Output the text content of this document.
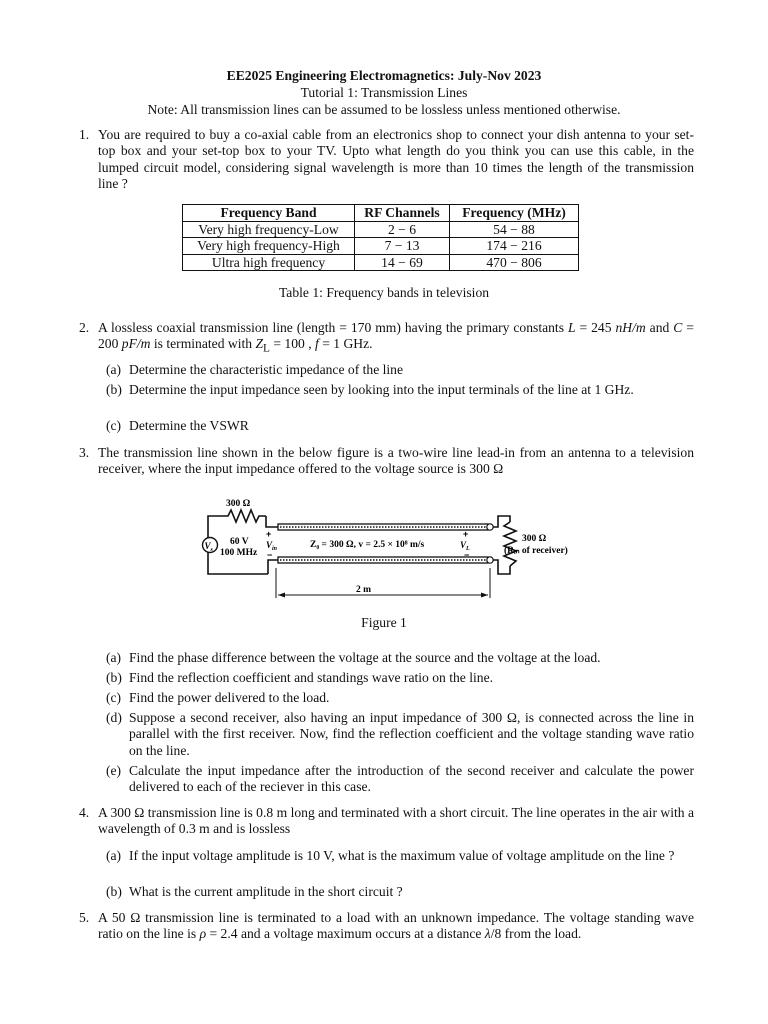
EE2025 Engineering Electromagnetics: July-Nov 2023
Tutorial 1: Transmission Lines
Note: All transmission lines can be assumed to be lossless unless mentioned otherwise.
1. You are required to buy a co-axial cable from an electronics shop to connect your dish antenna to your set-top box and your set-top box to your TV. Upto what length do you think you can use this cable, in the lumped circuit model, considering signal wavelength is more than 10 times the length of the transmission line ?
Frequency Band	RF Channels	Frequency (MHz)
Very high frequency-Low	2 − 6	54 − 88
Very high frequency-High	7 − 13	174 − 216
Ultra high frequency	14 − 69	470 − 806
Table 1: Frequency bands in television
2. A lossless coaxial transmission line (length = 170 mm) having the primary constants L = 245 nH/m and C = 200 pF/m is terminated with $Z_L = 100$ , f = 1 GHz.
(a) Determine the characteristic impedance of the line
(b) Determine the input impedance seen by looking into the input terminals of the line at 1 GHz.
(c) Determine the VSWR
3. The transmission line shown in the below figure is a two-wire line lead-in from an antenna to a television receiver, where the input impedance offered to the voltage source is 300 Ω
300 Ω
$V_s$
60 V
100 MHz
+
$V_{in}$
−
Z₀ = 300 Ω, v = 2.5 × 10⁸ m/s
+
$V_L$
−
300 Ω
(Rᵢₙ of receiver)
2 m
Figure 1
(a) Find the phase difference between the voltage at the source and the voltage at the load.
(b) Find the reflection coefficient and standings wave ratio on the line.
(c) Find the power delivered to the load.
(d) Suppose a second receiver, also having an input impedance of 300 Ω, is connected across the line in parallel with the first receiver. Now, find the reflection coefficient and the voltage standing wave ratio on the line.
(e) Calculate the input impedance after the introduction of the second receiver and calculate the power delivered to each of the reciever in this case.
4. A 300 Ω transmission line is 0.8 m long and terminated with a short circuit. The line operates in the air with a wavelength of 0.3 m and is lossless
(a) If the input voltage amplitude is 10 V, what is the maximum value of voltage amplitude on the line ?
(b) What is the current amplitude in the short circuit ?
5. A 50 Ω transmission line is terminated to a load with an unknown impedance. The voltage standing wave ratio on the line is ρ = 2.4 and a voltage maximum occurs at a distance λ/8 from the load.
